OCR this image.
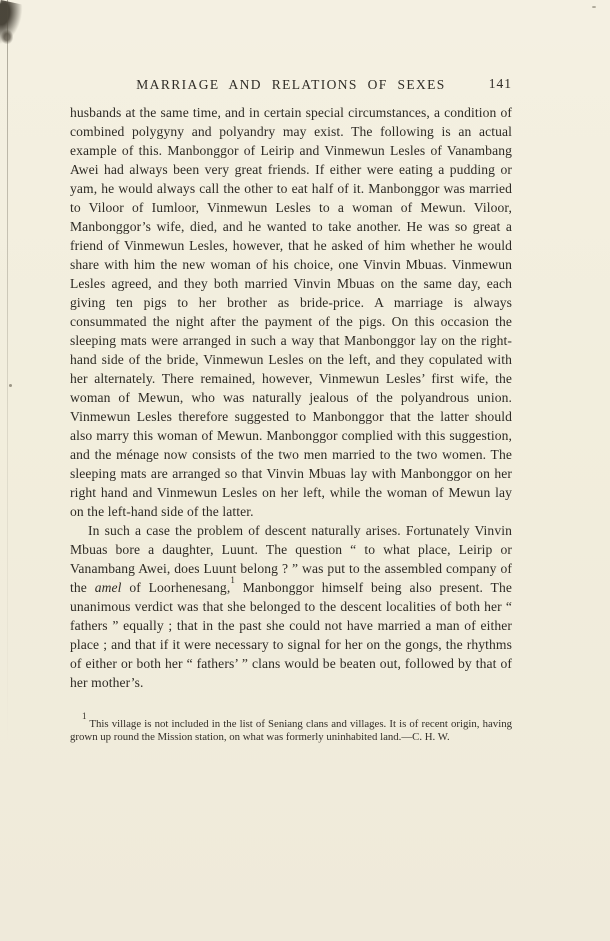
MARRIAGE AND RELATIONS OF SEXES	141

husbands at the same time, and in certain special circumstances, a condition of combined polygyny and polyandry may exist. The following is an actual example of this. Manbonggor of Leirip and Vinmewun Lesles of Vanambang Awei had always been very great friends. If either were eating a pudding or yam, he would always call the other to eat half of it. Manbonggor was married to Viloor of Iumloor, Vinmewun Lesles to a woman of Mewun. Viloor, Manbonggor’s wife, died, and he wanted to take another. He was so great a friend of Vinmewun Lesles, however, that he asked of him whether he would share with him the new woman of his choice, one Vinvin Mbuas. Vinmewun Lesles agreed, and they both married Vinvin Mbuas on the same day, each giving ten pigs to her brother as bride-price. A marriage is always consummated the night after the payment of the pigs. On this occasion the sleeping mats were arranged in such a way that Manbonggor lay on the right-hand side of the bride, Vinmewun Lesles on the left, and they copulated with her alternately. There remained, however, Vinmewun Lesles’ first wife, the woman of Mewun, who was naturally jealous of the polyandrous union. Vinmewun Lesles therefore suggested to Manbonggor that the latter should also marry this woman of Mewun. Manbonggor complied with this suggestion, and the ménage now consists of the two men married to the two women. The sleeping mats are arranged so that Vinvin Mbuas lay with Manbonggor on her right hand and Vinmewun Lesles on her left, while the woman of Mewun lay on the left-hand side of the latter.

In such a case the problem of descent naturally arises. Fortunately Vinvin Mbuas bore a daughter, Luunt. The question “ to what place, Leirip or Vanambang Awei, does Luunt belong ? ” was put to the assembled company of the amel of Loorhenesang,$^1$ Manbonggor himself being also present. The unanimous verdict was that she belonged to the descent localities of both her “ fathers ” equally ; that in the past she could not have married a man of either place ; and that if it were necessary to signal for her on the gongs, the rhythms of either or both her “ fathers’ ” clans would be beaten out, followed by that of her mother’s.

$^1$ This village is not included in the list of Seniang clans and villages. It is of recent origin, having grown up round the Mission station, on what was formerly uninhabited land.—C. H. W.
